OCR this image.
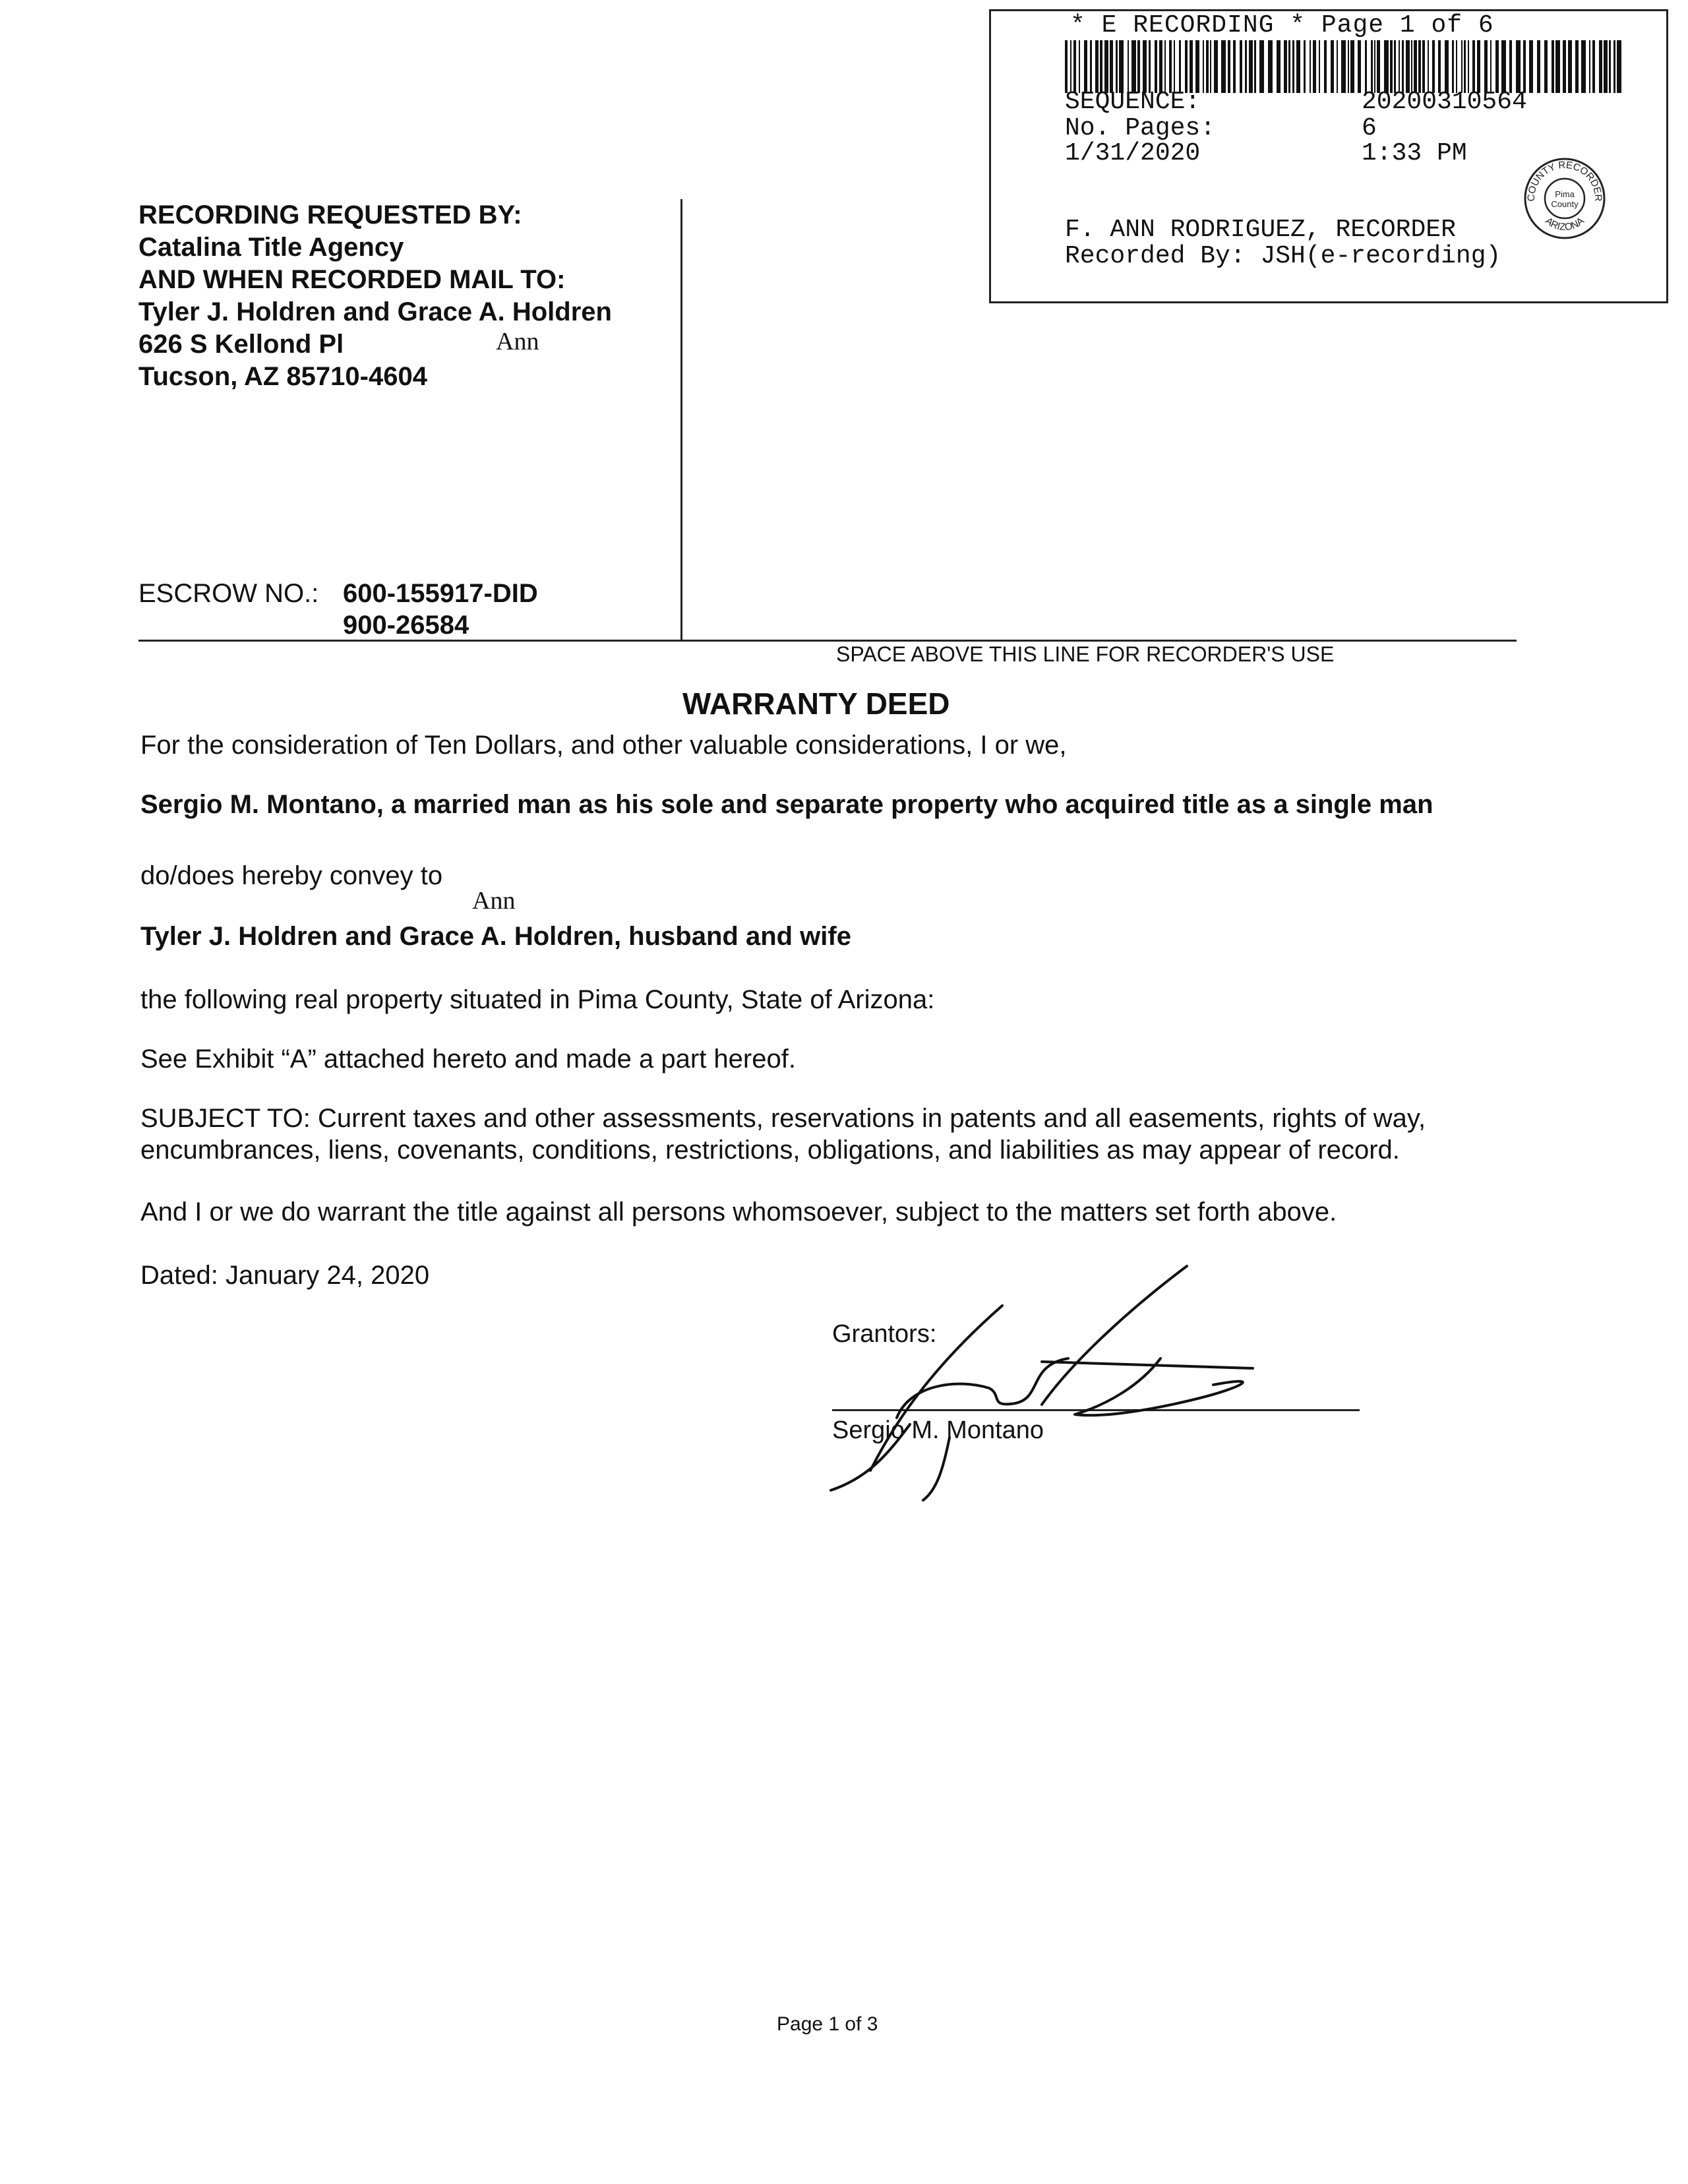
* E RECORDING * Page 1 of 6
SEQUENCE:	20200310564
No. Pages:	6
1/31/2020	1:33 PM
F. ANN RODRIGUEZ, RECORDER
Recorded By: JSH(e-recording)
COUNTY RECORDER
ARIZONA
Pima
County
RECORDING REQUESTED BY:
Catalina Title Agency
AND WHEN RECORDED MAIL TO:
Tyler J. Holdren and Grace A. Holdren
626 S Kellond Pl	Ann
Tucson, AZ 85710-4604
ESCROW NO.: 600-155917-DID
900-26584
SPACE ABOVE THIS LINE FOR RECORDER'S USE
WARRANTY DEED
For the consideration of Ten Dollars, and other valuable considerations, I or we,
Sergio M. Montano, a married man as his sole and separate property who acquired title as a single man
do/does hereby convey to
Ann
Tyler J. Holdren and Grace A. Holdren, husband and wife
the following real property situated in Pima County, State of Arizona:
See Exhibit “A” attached hereto and made a part hereof.
SUBJECT TO: Current taxes and other assessments, reservations in patents and all easements, rights of way,
encumbrances, liens, covenants, conditions, restrictions, obligations, and liabilities as may appear of record.
And I or we do warrant the title against all persons whomsoever, subject to the matters set forth above.
Dated: January 24, 2020
Grantors:
Sergio M. Montano
Page 1 of 3
